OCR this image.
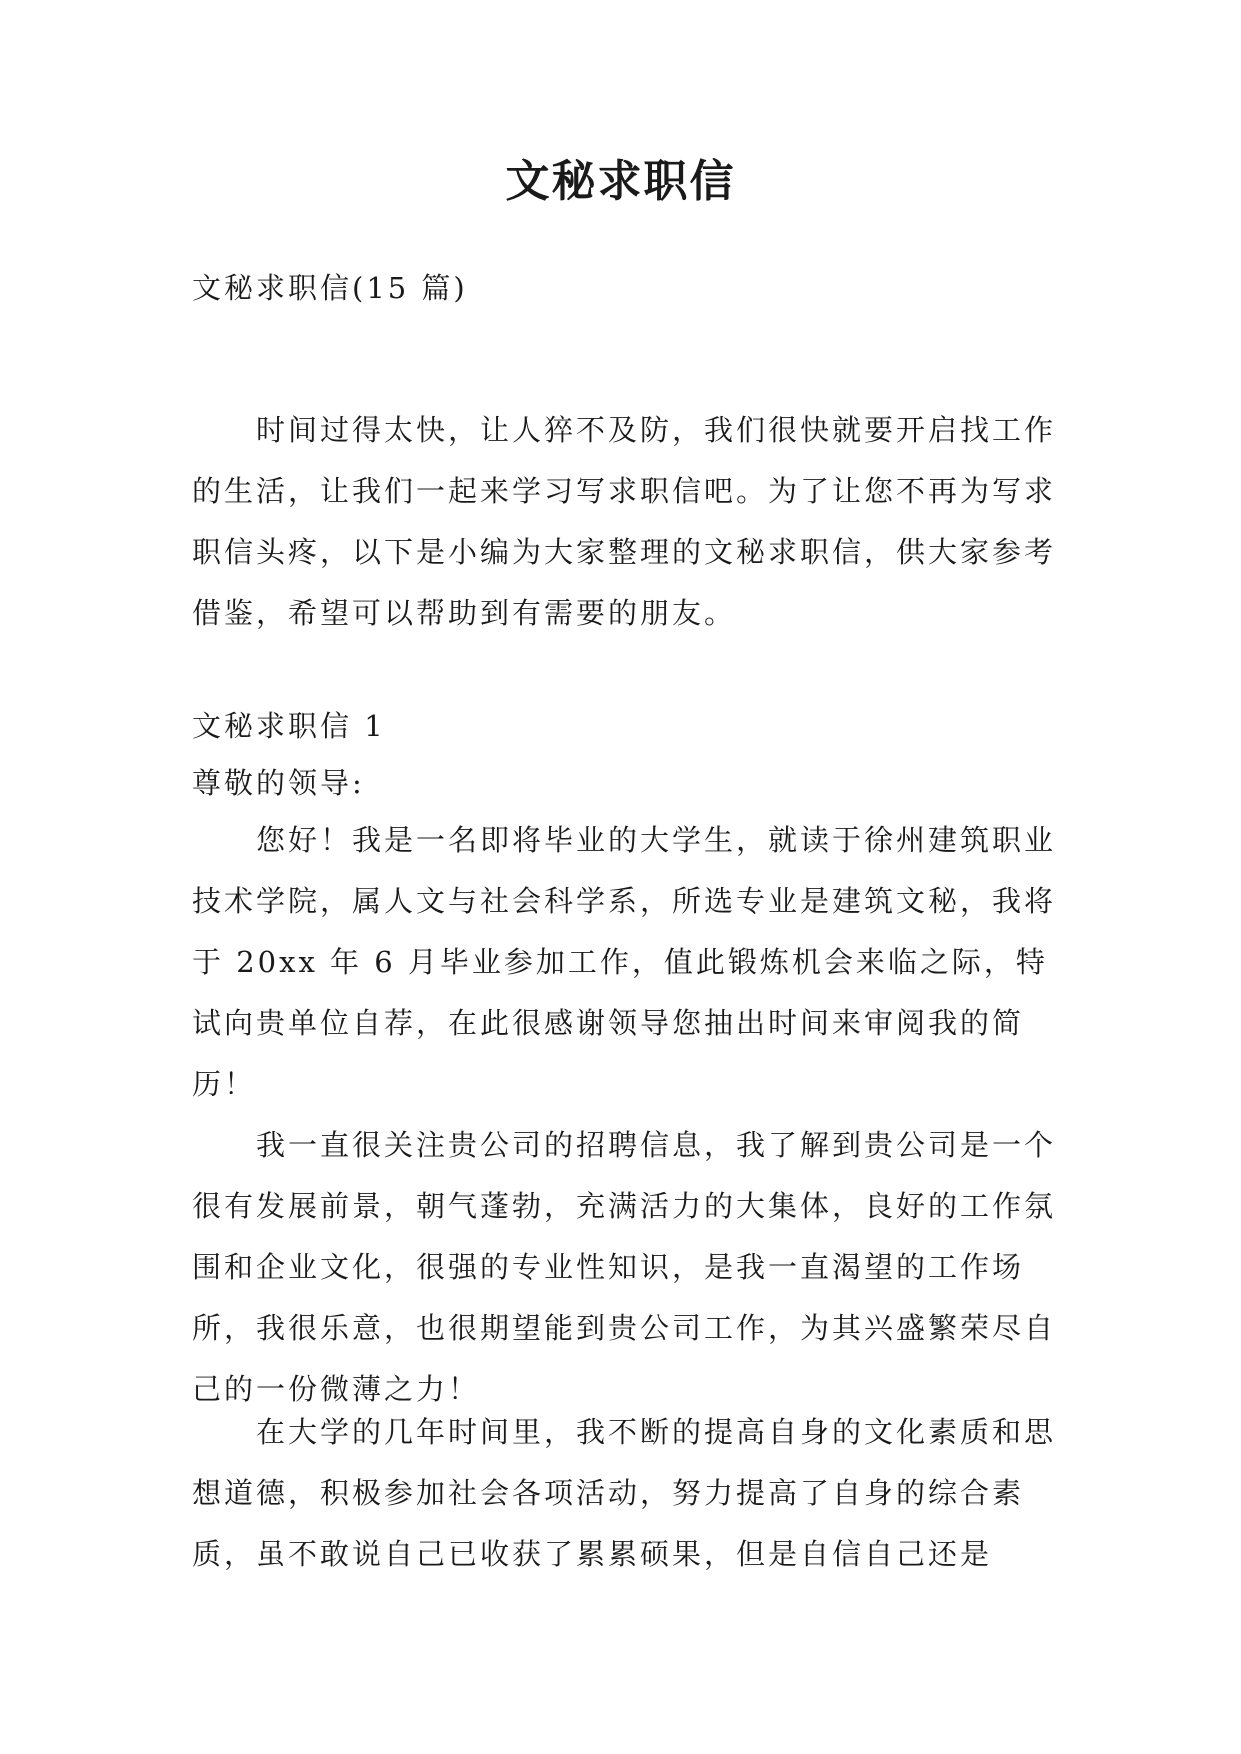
文秘求职信
文秘求职信(15 篇)
　　时间过得太快，让人猝不及防，我们很快就要开启找工作的生活，让我们一起来学习写求职信吧。为了让您不再为写求职信头疼，以下是小编为大家整理的文秘求职信，供大家参考借鉴，希望可以帮助到有需要的朋友。
文秘求职信 1
尊敬的领导:
　　您好！我是一名即将毕业的大学生，就读于徐州建筑职业技术学院，属人文与社会科学系，所选专业是建筑文秘，我将于 20xx 年 6 月毕业参加工作，值此锻炼机会来临之际，特试向贵单位自荐，在此很感谢领导您抽出时间来审阅我的简历！
　　我一直很关注贵公司的招聘信息，我了解到贵公司是一个很有发展前景，朝气蓬勃，充满活力的大集体，良好的工作氛围和企业文化，很强的专业性知识，是我一直渴望的工作场所，我很乐意，也很期望能到贵公司工作，为其兴盛繁荣尽自己的一份微薄之力！
　　在大学的几年时间里，我不断的提高自身的文化素质和思想道德，积极参加社会各项活动，努力提高了自身的综合素质，虽不敢说自己已收获了累累硕果，但是自信自己还是
